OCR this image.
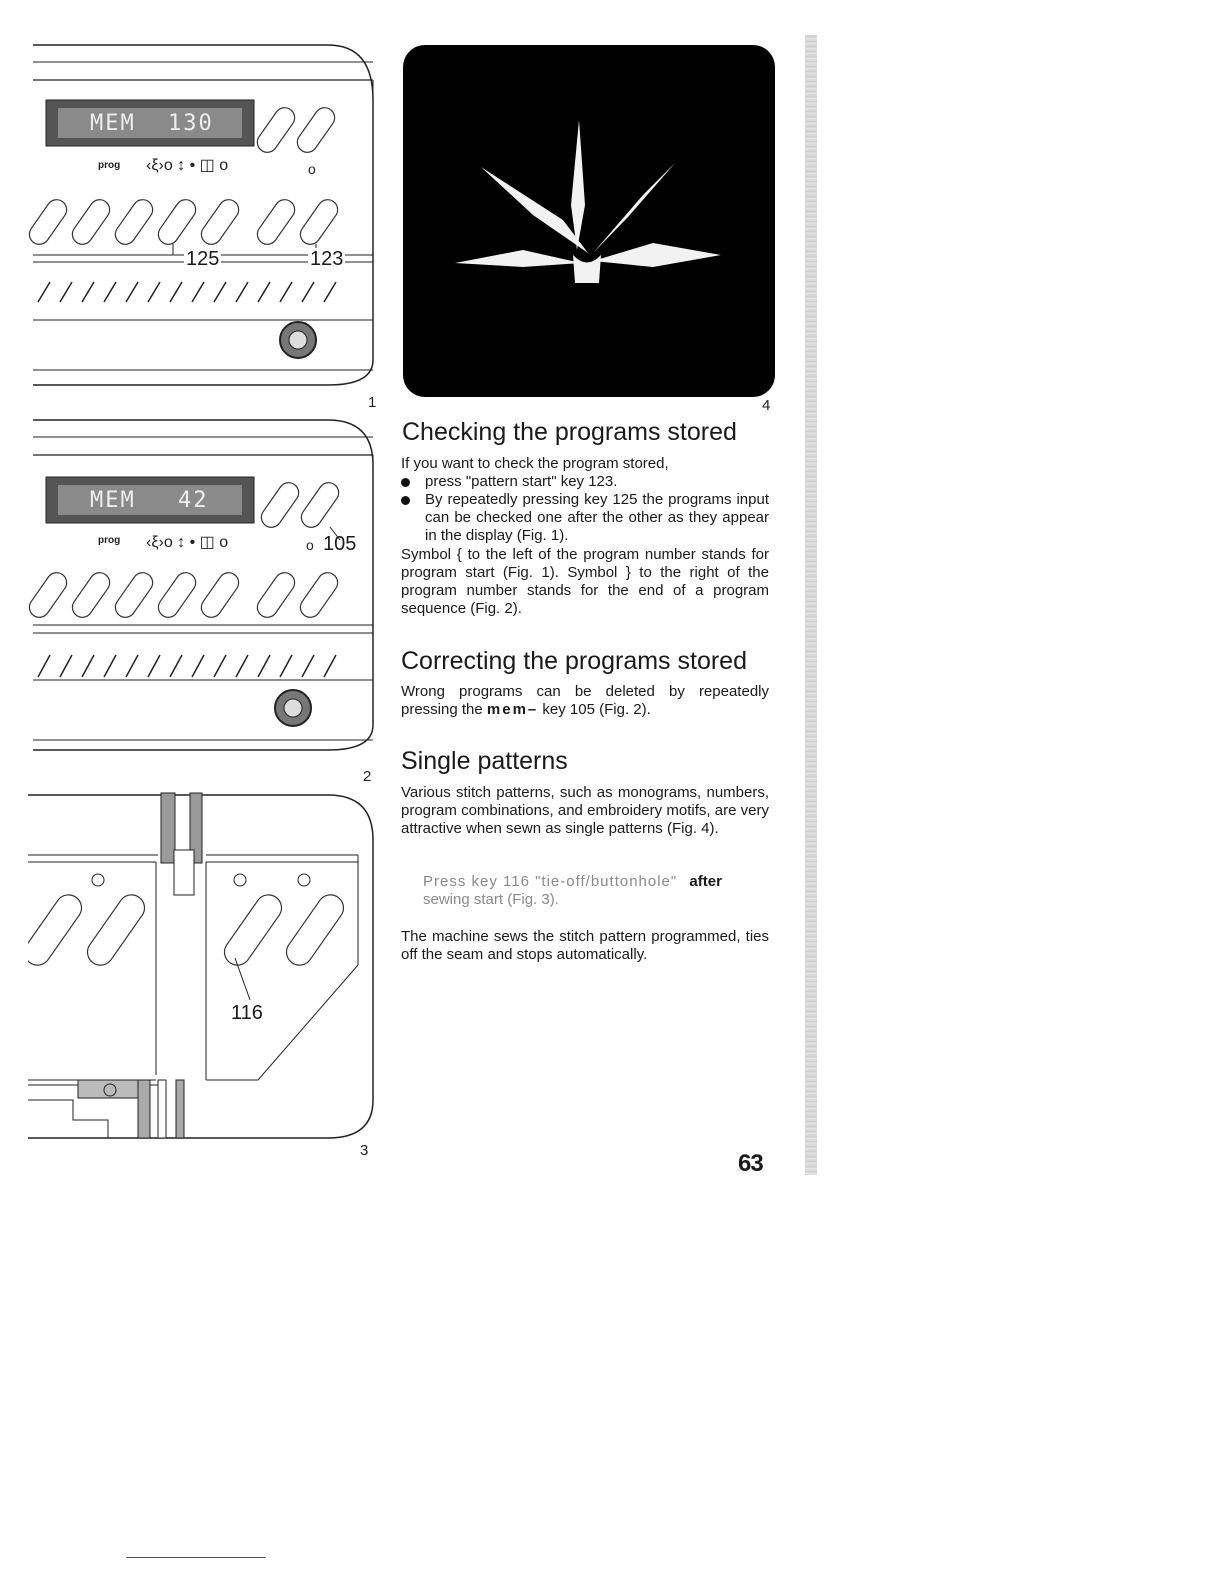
prog ‹ξ›o ↕ • ◫ o	o
MEM 130
125	123
1
prog ‹ξ›o ↕ • ◫ o	o
MEM 42
105
2
116
3
4
Checking the programs stored

If you want to check the program stored,

press "pattern start" key 123.
By repeatedly pressing key 125 the programs input can be checked one after the other as they appear in the display (Fig. 1).

Symbol { to the left of the program number stands for program start (Fig. 1). Symbol } to the right of the program number stands for the end of a program sequence (Fig. 2).

Correcting the programs stored

Wrong programs can be deleted by repeatedly pressing the mem– key 105 (Fig. 2).

Single patterns

Various stitch patterns, such as monograms, numbers, program combinations, and embroidery motifs, are very attractive when sewn as single patterns (Fig. 4).

Press key 116 "tie-off/buttonhole" after
sewing start (Fig. 3).

The machine sews the stitch pattern programmed, ties off the seam and stops automatically.

63
